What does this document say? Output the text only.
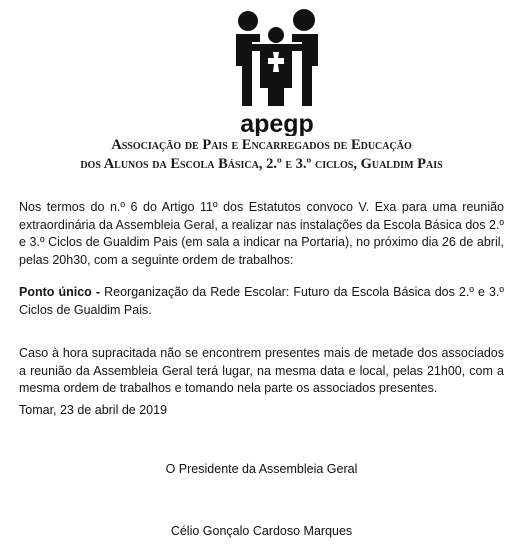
apegp
Associação de Pais e Encarregados de Educação
dos Alunos da Escola Básica, 2.º e 3.º ciclos, Gualdim Pais

Nos termos do n.º 6 do Artigo 11º dos Estatutos convoco V. Exa para uma reunião extraordinária da Assembleia Geral, a realizar nas instalações da Escola Básica dos 2.º e 3.º Ciclos de Gualdim Pais (em sala a indicar na Portaria), no próximo dia 26 de abril, pelas 20h30, com a seguinte ordem de trabalhos:

Ponto único - Reorganização da Rede Escolar: Futuro da Escola Básica dos 2.º e 3.º Ciclos de Gualdim Pais.

Caso à hora supracitada não se encontrem presentes mais de metade dos associados a reunião da Assembleia Geral terá lugar, na mesma data e local, pelas 21h00, com a mesma ordem de trabalhos e tomando nela parte os associados presentes.

Tomar, 23 de abril de 2019
O Presidente da Assembleia Geral
Célio Gonçalo Cardoso Marques
